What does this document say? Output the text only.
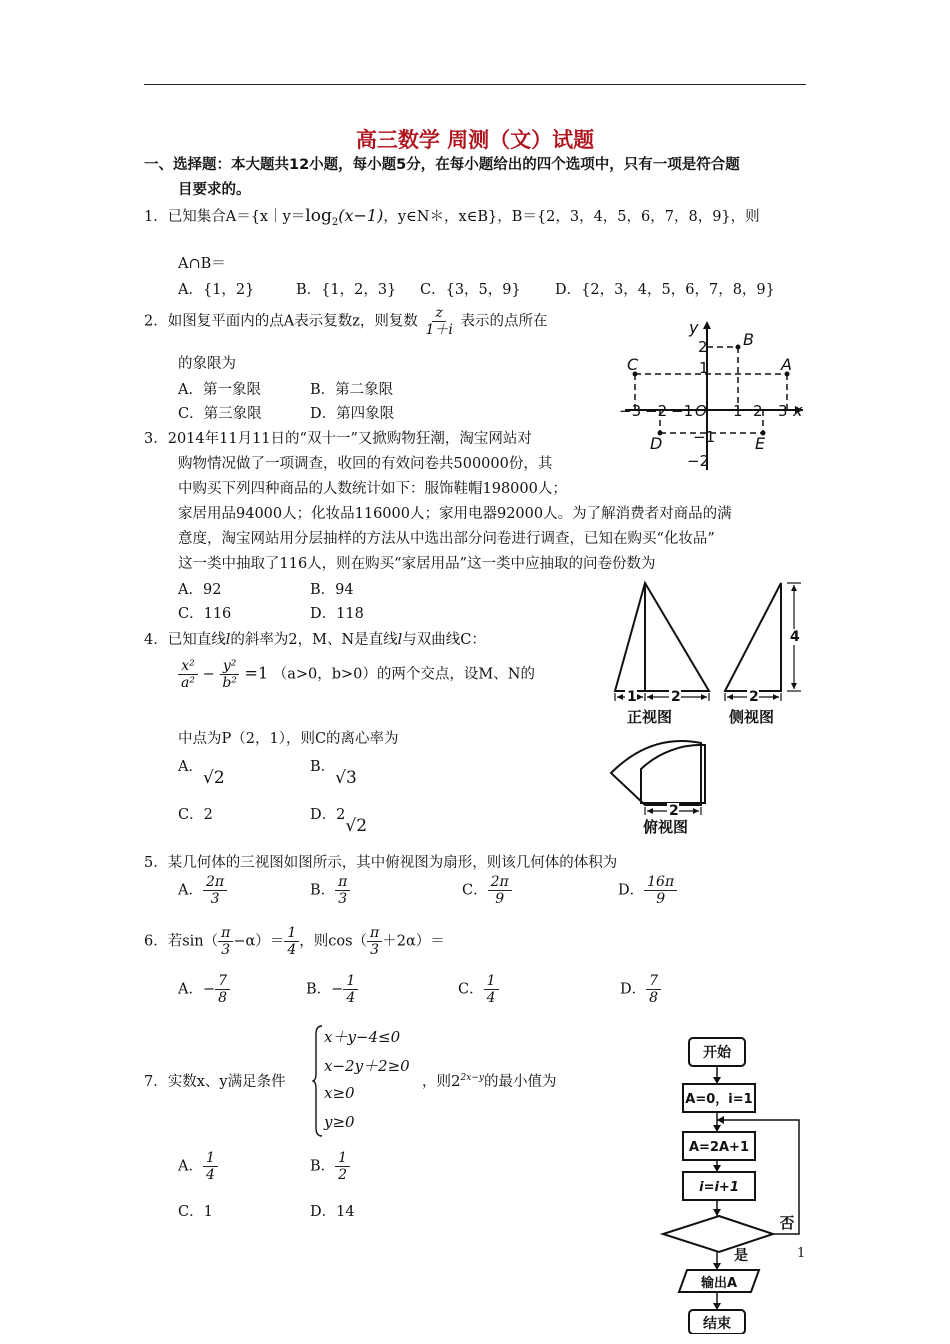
高三数学 周测（文）试题
一、选择题：本大题共12小题，每小题5分，在每小题给出的四个选项中，只有一项是符合题
目要求的。
1．已知集合$A=\{x|y=\log_2(x-1)$，y∈N＊，x∈B}，B＝{2，3，4，5，6，7，8，9}，则
A∩B＝
A．{1，2}	B．{1，2，3} C．{3，5，9} D．{2，3，4，5，6，7，8，9}
2．如图复平面内的点A表示复数z，则复数 $\frac{z}{1+i}$ 表示的点所在
的象限为
A．第一象限	B．第二象限
C．第三象限	D．第四象限
y
x
B
C	A
D	E
O
2
1
−1
−2
−3 −2 −1	1 2 3
3．2014年11月11日的“双十一”又掀购物狂潮，淘宝网站对
购物情况做了一项调查，收回的有效问卷共500000份，其
中购买下列四种商品的人数统计如下：服饰鞋帽198000人；
家居用品94000人；化妆品116000人；家用电器92000人。为了解消费者对商品的满
意度，淘宝网站用分层抽样的方法从中选出部分问卷进行调查，已知在购买“化妆品”
这一类中抽取了116人，则在购买“家居用品”这一类中应抽取的问卷份数为
A．92	B．94
C．116	D．118
4．已知直线l的斜率为2，M、N是直线l与双曲线C：
$\frac{\text{x²}}{\text{a²}} - \frac{\text{y²}}{\text{b²}} =1$ （a>0，b>0）的两个交点，设M、N的
中点为P（2，1），则C的离心率为
A．√2
B．√3
C．2	D．2√2
1 2	2
4
2
正视图	侧视图
俯视图
5．某几何体的三视图如图所示，其中俯视图为扇形，则该几何体的体积为
A． $\frac{2\pi}{3}$	B． $\frac{\pi}{3}$	C． $\frac{2\pi}{9}$	D． $\frac{16\pi}{9}$
6．若$\sin( \frac{\pi}{3} -\alpha)= \frac{1}{4}$ ，则$\cos( \frac{\pi}{3} +2\alpha)=$
A．− $\frac{7}{8}$	B．− $\frac{1}{4}$	C． $\frac{1}{4}$	D． $\frac{7}{8}$
7．实数x、y满足条件
x＋y−4≤0
x−2y＋2≥0
x≥0
y≥0
，则$2^{2x-y}$的最小值为
A． $\frac{1}{4}$	B． $\frac{1}{2}$
C．1	D．14
开始
A=0，i=1
A=2A+1
i=i+1
否
是
输出A
结束
1
